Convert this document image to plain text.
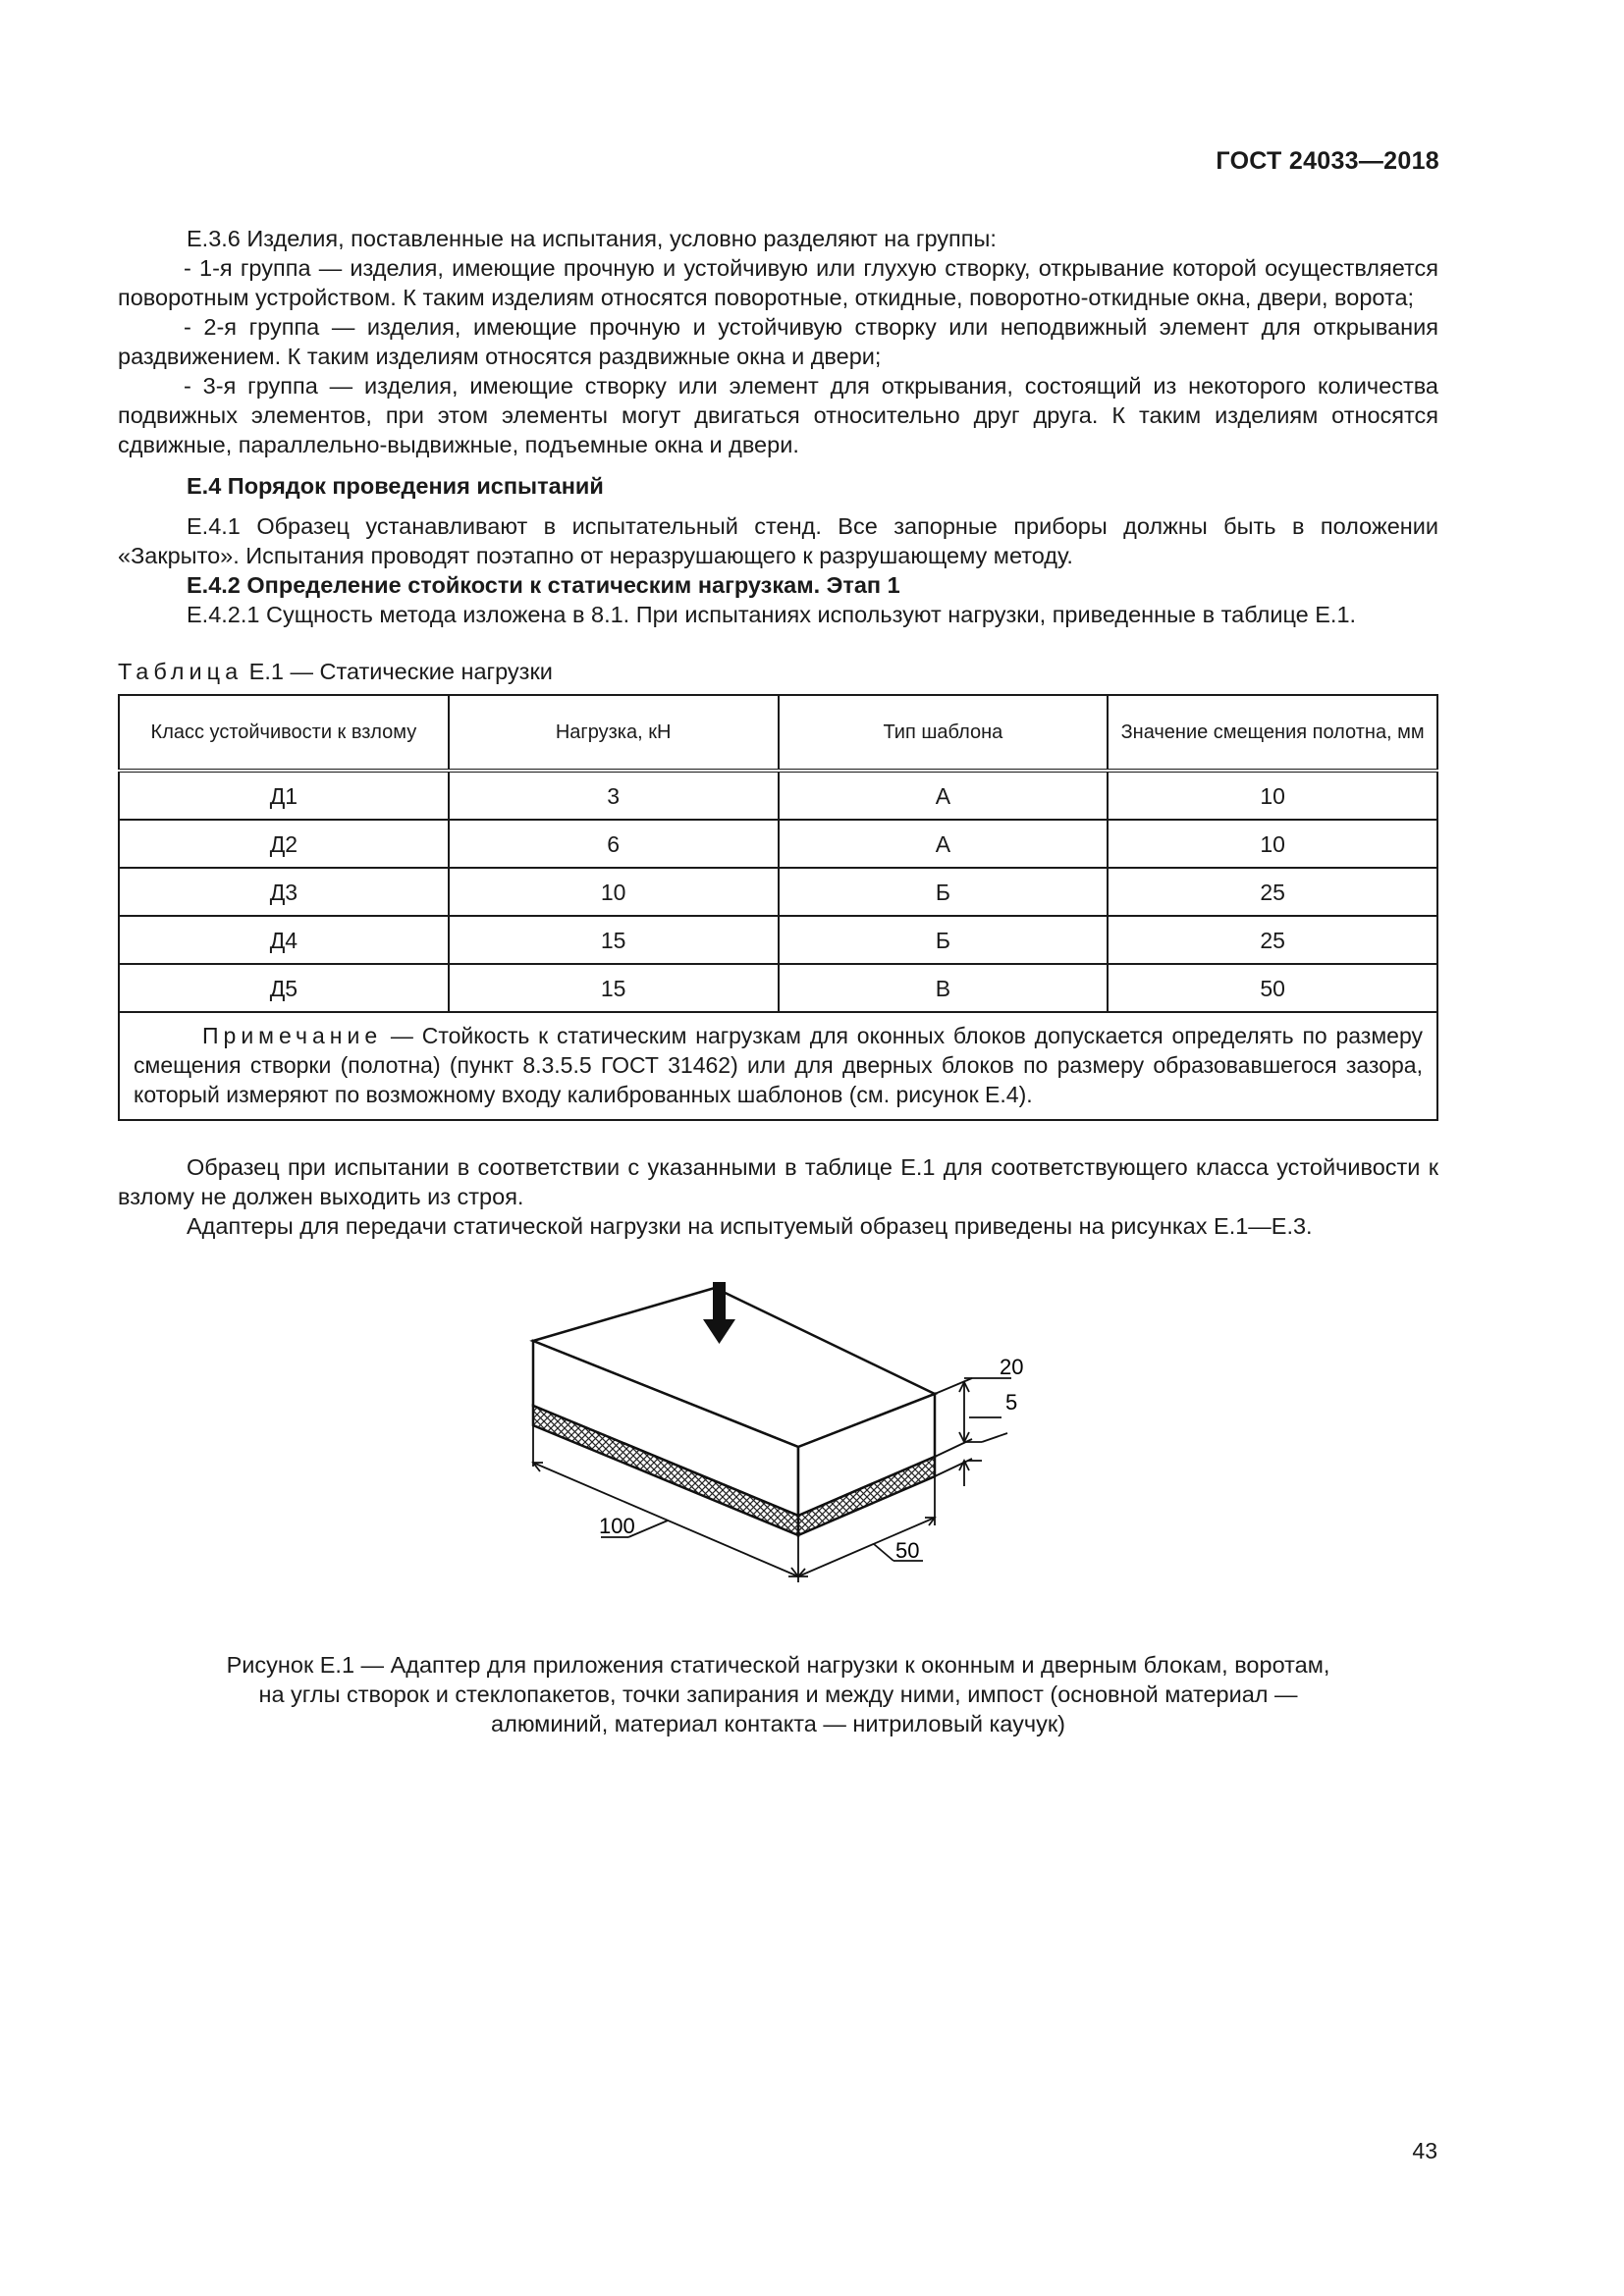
ГОСТ 24033—2018

Е.3.6 Изделия, поставленные на испытания, условно разделяют на группы:

- 1-я группа — изделия, имеющие прочную и устойчивую или глухую створку, открывание которой осуществляется поворотным устройством. К таким изделиям относятся поворотные, откидные, поворотно-откидные окна, двери, ворота;

- 2-я группа — изделия, имеющие прочную и устойчивую створку или неподвижный элемент для открывания раздвижением. К таким изделиям относятся раздвижные окна и двери;

- 3-я группа — изделия, имеющие створку или элемент для открывания, состоящий из некоторого количества подвижных элементов, при этом элементы могут двигаться относительно друг друга. К таким изделиям относятся сдвижные, параллельно-выдвижные, подъемные окна и двери.

Е.4 Порядок проведения испытаний

Е.4.1 Образец устанавливают в испытательный стенд. Все запорные приборы должны быть в положении «Закрыто». Испытания проводят поэтапно от неразрушающего к разрушающему методу.

Е.4.2 Определение стойкости к статическим нагрузкам. Этап 1

Е.4.2.1 Сущность метода изложена в 8.1. При испытаниях используют нагрузки, приведенные в таблице Е.1.

Таблица Е.1 — Статические нагрузки

Класс устойчивости к взлому	Нагрузка, кН	Тип шаблона	Значение смещения полотна, мм
Д1	3	А	10
Д2	6	А	10
Д3	10	Б	25
Д4	15	Б	25
Д5	15	В	50
Примечание — Стойкость к статическим нагрузкам для оконных блоков допускается определять по размеру смещения створки (полотна) (пункт 8.3.5.5 ГОСТ 31462) или для дверных блоков по размеру образовавшегося зазора, который измеряют по возможному входу калиброванных шаблонов (см. рисунок Е.4).			

Образец при испытании в соответствии с указанными в таблице Е.1 для соответствующего класса устойчивости к взлому не должен выходить из строя.

Адаптеры для передачи статической нагрузки на испытуемый образец приведены на рисунках Е.1—Е.3.

20
5
100
50

Рисунок Е.1 — Адаптер для приложения статической нагрузки к оконным и дверным блокам, воротам,
на углы створок и стеклопакетов, точки запирания и между ними, импост (основной материал —
алюминий, материал контакта — нитриловый каучук)

43
